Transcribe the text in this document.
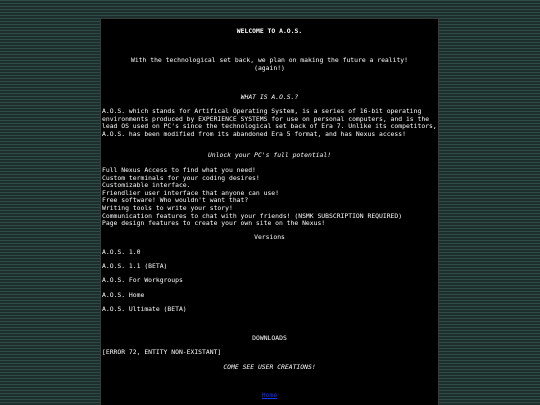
WELCOME TO A.O.S.
With the technological set back, we plan on making the future a reality!
(again!)
WHAT IS A.O.S.?
A.O.S. which stands for Artifical Operating System, is a series of 16-bit operating environments produced by EXPERIENCE SYSTEMS for use on personal computers, and is the lead OS used on PC's since the technological set back of Era 7. Unlike its competitors, A.O.S. has been modified from its abandoned Era 5 format, and has Nexus access!
Unlock your PC's full potential!
Full Nexus Access to find what you need!
Custom terminals for your coding desires!
Customizable interface.
Friendlier user interface that anyone can use!
Free software! Who wouldn't want that?
Writing tools to write your story!
Communication features to chat with your friends! (NSMK SUBSCRIPTION REQUIRED)
Page design features to create your own site on the Nexus!
Versions
A.O.S. 1.0
A.O.S. 1.1 (BETA)
A.O.S. For Workgroups
A.O.S. Home
A.O.S. Ultimate (BETA)
DOWNLOADS
[ERROR 72, ENTITY NON-EXISTANT]
COME SEE USER CREATIONS!
Home
